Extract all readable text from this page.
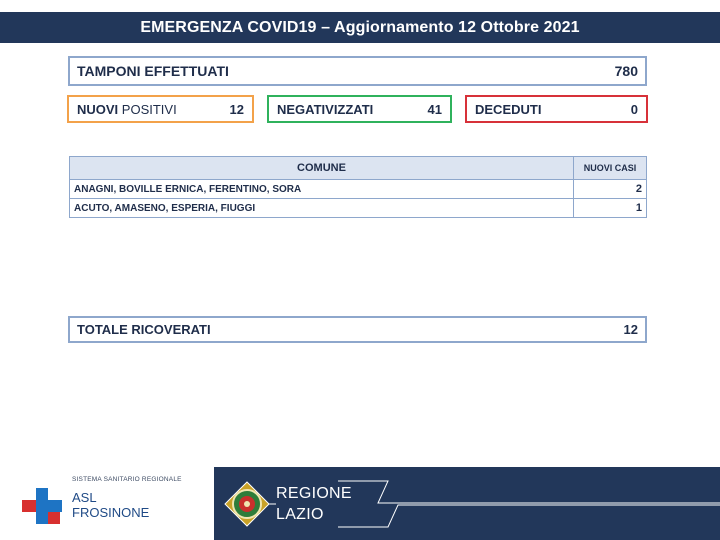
EMERGENZA COVID19 – Aggiornamento 12 Ottobre 2021
TAMPONI EFFETTUATI	780
NUOVI POSITIVI	12	NEGATIVIZZATI	41	DECEDUTI	0
COMUNE	NUOVI CASI
ANAGNI, BOVILLE ERNICA, FERENTINO, SORA	2
ACUTO, AMASENO, ESPERIA, FIUGGI	1
TOTALE RICOVERATI	12
SISTEMA SANITARIO REGIONALE
ASL
FROSINONE
REGIONE
LAZIO
